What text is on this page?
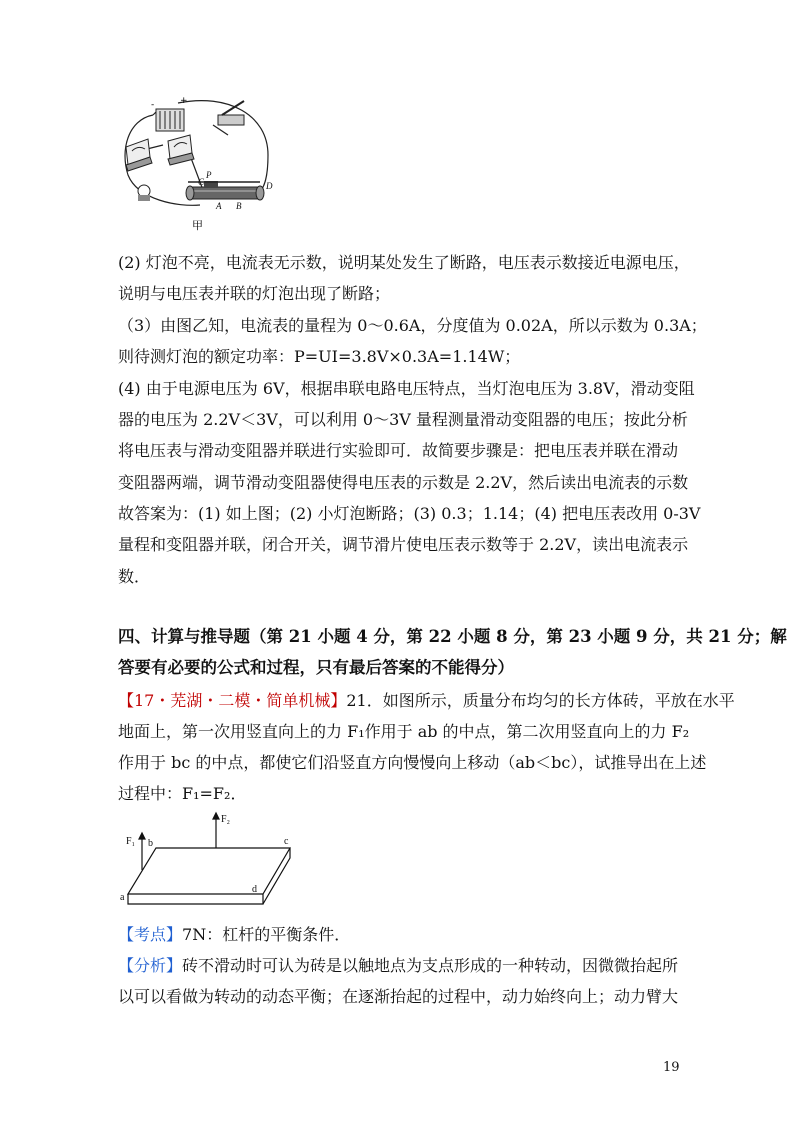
-	+
P
C
A B
D
甲
(2) 灯泡不亮，电流表无示数，说明某处发生了断路，电压表示数接近电源电压，
说明与电压表并联的灯泡出现了断路；
（3）由图乙知，电流表的量程为 0～0.6A，分度值为 0.02A，所以示数为 0.3A；
则待测灯泡的额定功率：P=UI=3.8V×0.3A=1.14W；
(4) 由于电源电压为 6V，根据串联电路电压特点，当灯泡电压为 3.8V，滑动变阻
器的电压为 2.2V＜3V，可以利用 0～3V 量程测量滑动变阻器的电压；按此分析
将电压表与滑动变阻器并联进行实验即可．故简要步骤是：把电压表并联在滑动
变阻器两端，调节滑动变阻器使得电压表的示数是 2.2V，然后读出电流表的示数
故答案为：(1) 如上图；(2) 小灯泡断路；(3) 0.3；1.14；(4) 把电压表改用 0‐3V
量程和变阻器并联，闭合开关，调节滑片使电压表示数等于 2.2V，读出电流表示
数．
四、计算与推导题（第 21 小题 4 分，第 22 小题 8 分，第 23 小题 9 分，共 21 分；解
答要有必要的公式和过程，只有最后答案的不能得分）
【17・芜湖・二模・简单机械】21．如图所示，质量分布均匀的长方体砖，平放在水平
地面上，第一次用竖直向上的力 F₁作用于 ab 的中点，第二次用竖直向上的力 F₂
作用于 bc 的中点，都使它们沿竖直方向慢慢向上移动（ab＜bc），试推导出在上述
过程中：F₁=F₂．
F₁
F₂
b	c
a
d
【考点】7N：杠杆的平衡条件．
【分析】砖不滑动时可认为砖是以触地点为支点形成的一种转动，因微微抬起所
以可以看做为转动的动态平衡；在逐渐抬起的过程中，动力始终向上；动力臂大
19
